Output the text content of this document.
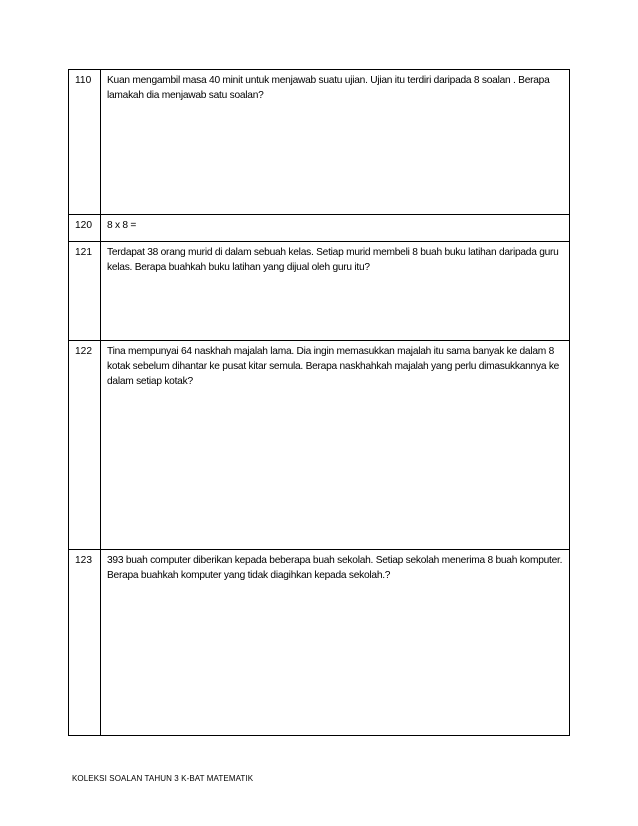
110	Kuan mengambil masa 40 minit untuk menjawab suatu ujian. Ujian itu terdiri daripada 8 soalan . Berapa lamakah dia menjawab satu soalan?
120	8 x 8 =
121	Terdapat 38 orang murid di dalam sebuah kelas. Setiap murid membeli 8 buah buku latihan daripada guru kelas. Berapa buahkah buku latihan yang dijual oleh guru itu?
122	Tina mempunyai 64 naskhah majalah lama. Dia ingin memasukkan majalah itu sama banyak ke dalam 8 kotak sebelum dihantar ke pusat kitar semula. Berapa naskhahkah majalah yang perlu dimasukkannya ke dalam setiap kotak?
123	393 buah computer diberikan kepada beberapa buah sekolah. Setiap sekolah menerima 8 buah komputer. Berapa buahkah komputer yang tidak diagihkan kepada sekolah.?
KOLEKSI SOALAN TAHUN 3 K-BAT MATEMATIK
